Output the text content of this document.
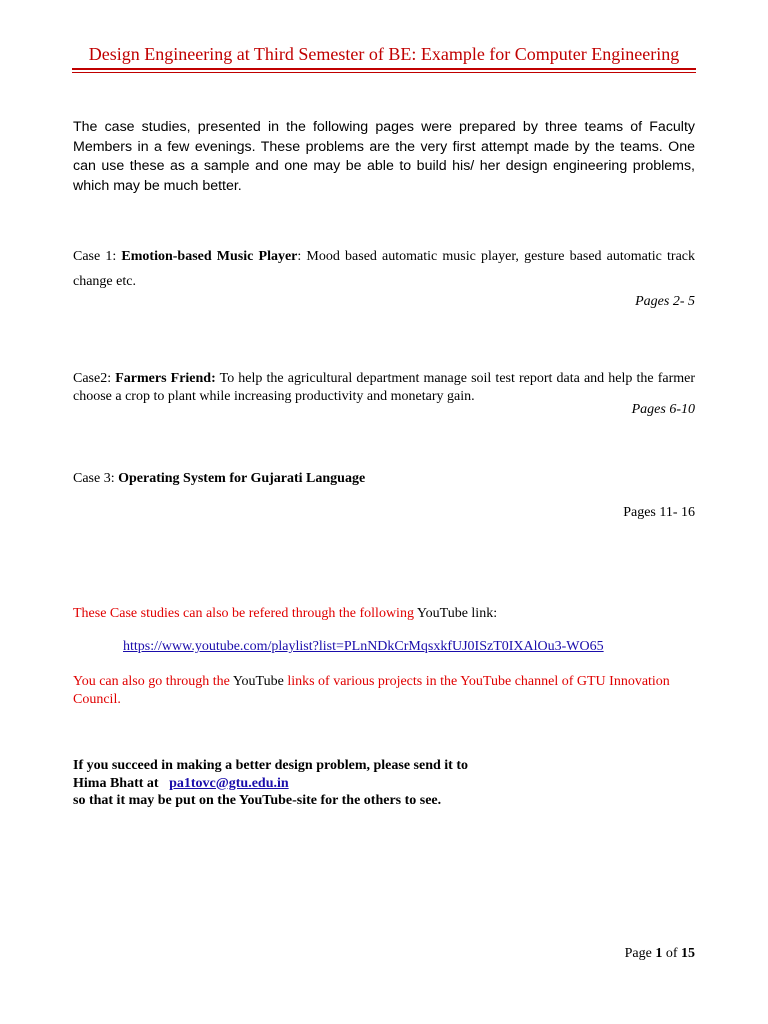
Design Engineering at Third Semester of BE: Example for Computer Engineering

The case studies, presented in the following pages were prepared by three teams of Faculty Members in a few evenings. These problems are the very first attempt made by the teams. One can use these as a sample and one may be able to build his/ her design engineering problems, which may be much better.

Case 1: Emotion-based Music Player: Mood based automatic music player, gesture based automatic track change etc.

Pages 2- 5

Case2: Farmers Friend: To help the agricultural department manage soil test report data and help the farmer choose a crop to plant while increasing productivity and monetary gain.

Pages 6-10

Case 3: Operating System for Gujarati Language

Pages 11- 16

These Case studies can also be refered through the following YouTube link:

https://www.youtube.com/playlist?list=PLnNDkCrMqsxkfUJ0ISzT0IXAlOu3-WO65

You can also go through the YouTube links of various projects in the YouTube channel of GTU Innovation Council.

If you succeed in making a better design problem, please send it to
Hima Bhatt at pa1tovc@gtu.edu.in
so that it may be put on the YouTube-site for the others to see.
Page 1 of 15
